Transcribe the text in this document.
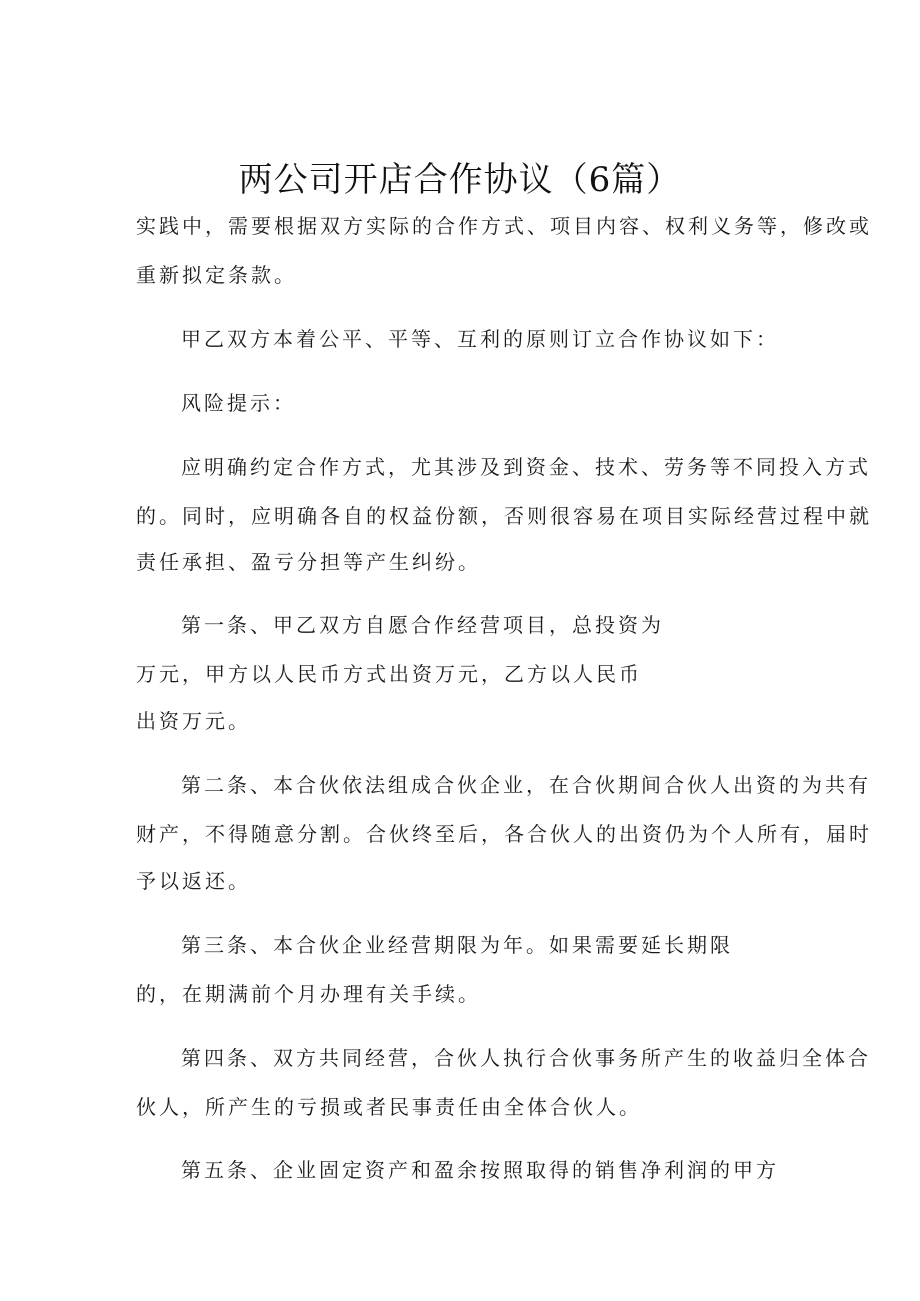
两公司开店合作协议（6篇）

实践中，需要根据双方实际的合作方式、项目内容、权利义务等，修改或

重新拟定条款。

甲乙双方本着公平、平等、互利的原则订立合作协议如下：

风险提示：

应明确约定合作方式，尤其涉及到资金、技术、劳务等不同投入方式

的。同时，应明确各自的权益份额，否则很容易在项目实际经营过程中就

责任承担、盈亏分担等产生纠纷。

第一条、甲乙双方自愿合作经营项目，总投资为

万元，甲方以人民币方式出资万元，乙方以人民币

出资万元。

第二条、本合伙依法组成合伙企业，在合伙期间合伙人出资的为共有

财产，不得随意分割。合伙终至后，各合伙人的出资仍为个人所有，届时

予以返还。

第三条、本合伙企业经营期限为年。如果需要延长期限

的，在期满前个月办理有关手续。

第四条、双方共同经营，合伙人执行合伙事务所产生的收益归全体合

伙人，所产生的亏损或者民事责任由全体合伙人。

第五条、企业固定资产和盈余按照取得的销售净利润的甲方
